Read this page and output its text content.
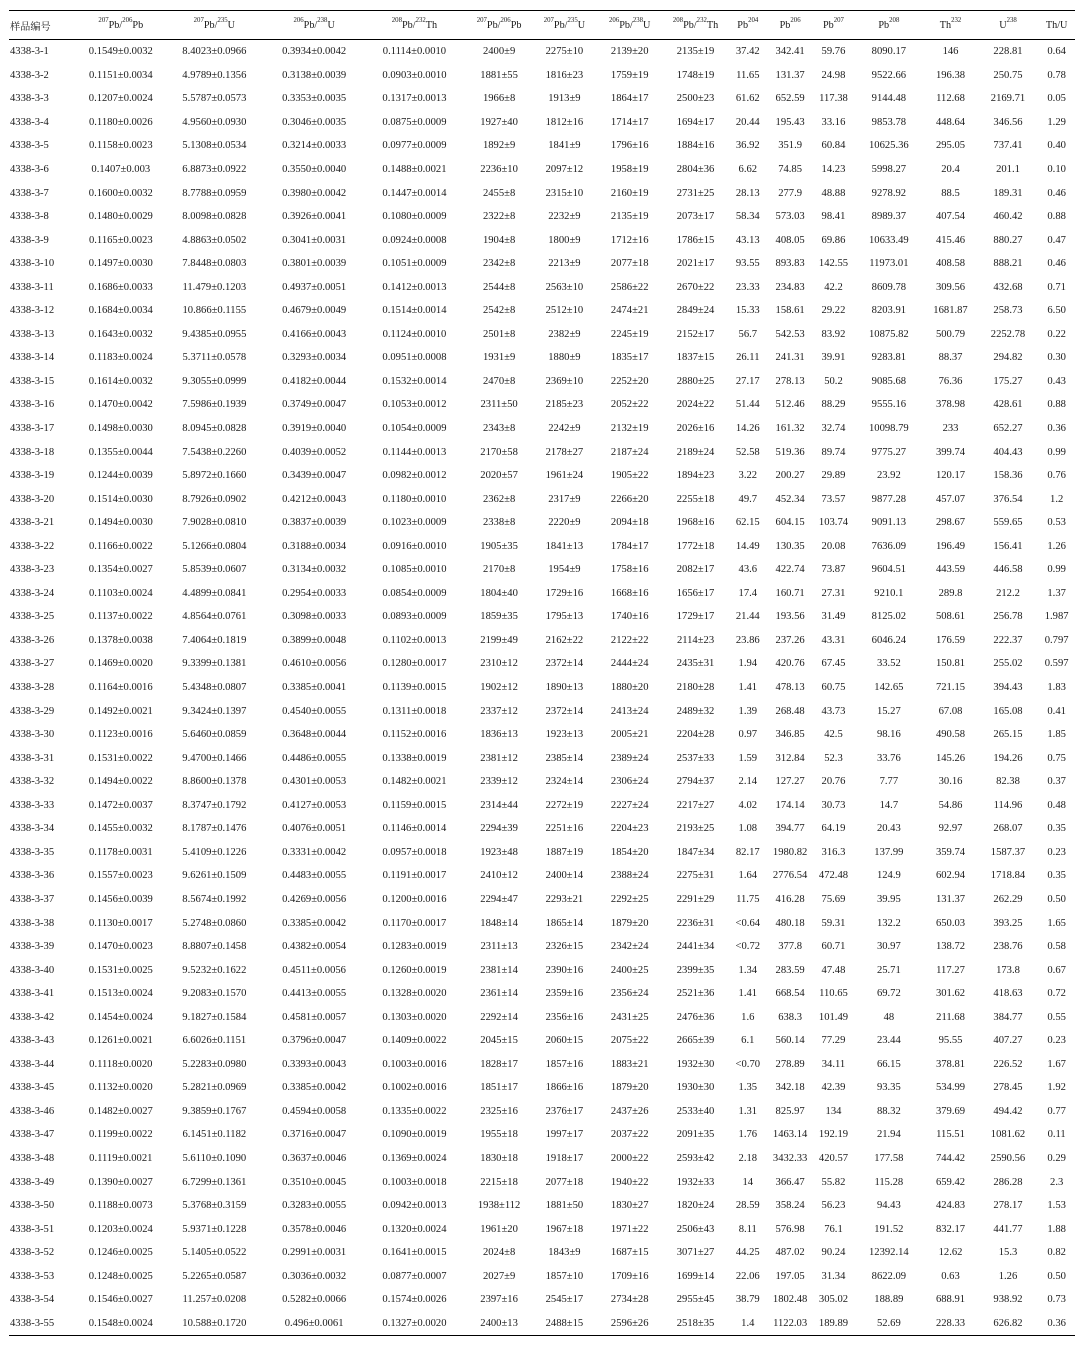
样品编号	$^{207}$Pb/$^{206}$Pb	$^{207}$Pb/$^{235}$U	$^{206}$Pb/$^{238}$U	$^{208}$Pb/$^{232}$Th	$^{207}$Pb/$^{206}$Pb	$^{207}$Pb/$^{235}$U	$^{206}$Pb/$^{238}$U	$^{208}$Pb/$^{232}$Th	Pb$^{204}$	Pb$^{206}$	Pb$^{207}$	Pb$^{208}$	Th$^{232}$	$U^{238}$	Th/U
4338-3-1	0.1549±0.0032	8.4023±0.0966	0.3934±0.0042	0.1114±0.0010	2400±9	2275±10	2139±20	2135±19	37.42	342.41	59.76	8090.17	146	228.81	0.64
4338-3-2	0.1151±0.0034	4.9789±0.1356	0.3138±0.0039	0.0903±0.0010	1881±55	1816±23	1759±19	1748±19	11.65	131.37	24.98	9522.66	196.38	250.75	0.78
4338-3-3	0.1207±0.0024	5.5787±0.0573	0.3353±0.0035	0.1317±0.0013	1966±8	1913±9	1864±17	2500±23	61.62	652.59	117.38	9144.48	112.68	2169.71	0.05
4338-3-4	0.1180±0.0026	4.9560±0.0930	0.3046±0.0035	0.0875±0.0009	1927±40	1812±16	1714±17	1694±17	20.44	195.43	33.16	9853.78	448.64	346.56	1.29
4338-3-5	0.1158±0.0023	5.1308±0.0534	0.3214±0.0033	0.0977±0.0009	1892±9	1841±9	1796±16	1884±16	36.92	351.9	60.84	10625.36	295.05	737.41	0.40
4338-3-6	0.1407±0.003	6.8873±0.0922	0.3550±0.0040	0.1488±0.0021	2236±10	2097±12	1958±19	2804±36	6.62	74.85	14.23	5998.27	20.4	201.1	0.10
4338-3-7	0.1600±0.0032	8.7788±0.0959	0.3980±0.0042	0.1447±0.0014	2455±8	2315±10	2160±19	2731±25	28.13	277.9	48.88	9278.92	88.5	189.31	0.46
4338-3-8	0.1480±0.0029	8.0098±0.0828	0.3926±0.0041	0.1080±0.0009	2322±8	2232±9	2135±19	2073±17	58.34	573.03	98.41	8989.37	407.54	460.42	0.88
4338-3-9	0.1165±0.0023	4.8863±0.0502	0.3041±0.0031	0.0924±0.0008	1904±8	1800±9	1712±16	1786±15	43.13	408.05	69.86	10633.49	415.46	880.27	0.47
4338-3-10	0.1497±0.0030	7.8448±0.0803	0.3801±0.0039	0.1051±0.0009	2342±8	2213±9	2077±18	2021±17	93.55	893.83	142.55	11973.01	408.58	888.21	0.46
4338-3-11	0.1686±0.0033	11.479±0.1203	0.4937±0.0051	0.1412±0.0013	2544±8	2563±10	2586±22	2670±22	23.33	234.83	42.2	8609.78	309.56	432.68	0.71
4338-3-12	0.1684±0.0034	10.866±0.1155	0.4679±0.0049	0.1514±0.0014	2542±8	2512±10	2474±21	2849±24	15.33	158.61	29.22	8203.91	1681.87	258.73	6.50
4338-3-13	0.1643±0.0032	9.4385±0.0955	0.4166±0.0043	0.1124±0.0010	2501±8	2382±9	2245±19	2152±17	56.7	542.53	83.92	10875.82	500.79	2252.78	0.22
4338-3-14	0.1183±0.0024	5.3711±0.0578	0.3293±0.0034	0.0951±0.0008	1931±9	1880±9	1835±17	1837±15	26.11	241.31	39.91	9283.81	88.37	294.82	0.30
4338-3-15	0.1614±0.0032	9.3055±0.0999	0.4182±0.0044	0.1532±0.0014	2470±8	2369±10	2252±20	2880±25	27.17	278.13	50.2	9085.68	76.36	175.27	0.43
4338-3-16	0.1470±0.0042	7.5986±0.1939	0.3749±0.0047	0.1053±0.0012	2311±50	2185±23	2052±22	2024±22	51.44	512.46	88.29	9555.16	378.98	428.61	0.88
4338-3-17	0.1498±0.0030	8.0945±0.0828	0.3919±0.0040	0.1054±0.0009	2343±8	2242±9	2132±19	2026±16	14.26	161.32	32.74	10098.79	233	652.27	0.36
4338-3-18	0.1355±0.0044	7.5438±0.2260	0.4039±0.0052	0.1144±0.0013	2170±58	2178±27	2187±24	2189±24	52.58	519.36	89.74	9775.27	399.74	404.43	0.99
4338-3-19	0.1244±0.0039	5.8972±0.1660	0.3439±0.0047	0.0982±0.0012	2020±57	1961±24	1905±22	1894±23	3.22	200.27	29.89	23.92	120.17	158.36	0.76
4338-3-20	0.1514±0.0030	8.7926±0.0902	0.4212±0.0043	0.1180±0.0010	2362±8	2317±9	2266±20	2255±18	49.7	452.34	73.57	9877.28	457.07	376.54	1.2
4338-3-21	0.1494±0.0030	7.9028±0.0810	0.3837±0.0039	0.1023±0.0009	2338±8	2220±9	2094±18	1968±16	62.15	604.15	103.74	9091.13	298.67	559.65	0.53
4338-3-22	0.1166±0.0022	5.1266±0.0804	0.3188±0.0034	0.0916±0.0010	1905±35	1841±13	1784±17	1772±18	14.49	130.35	20.08	7636.09	196.49	156.41	1.26
4338-3-23	0.1354±0.0027	5.8539±0.0607	0.3134±0.0032	0.1085±0.0010	2170±8	1954±9	1758±16	2082±17	43.6	422.74	73.87	9604.51	443.59	446.58	0.99
4338-3-24	0.1103±0.0024	4.4899±0.0841	0.2954±0.0033	0.0854±0.0009	1804±40	1729±16	1668±16	1656±17	17.4	160.71	27.31	9210.1	289.8	212.2	1.37
4338-3-25	0.1137±0.0022	4.8564±0.0761	0.3098±0.0033	0.0893±0.0009	1859±35	1795±13	1740±16	1729±17	21.44	193.56	31.49	8125.02	508.61	256.78	1.987
4338-3-26	0.1378±0.0038	7.4064±0.1819	0.3899±0.0048	0.1102±0.0013	2199±49	2162±22	2122±22	2114±23	23.86	237.26	43.31	6046.24	176.59	222.37	0.797
4338-3-27	0.1469±0.0020	9.3399±0.1381	0.4610±0.0056	0.1280±0.0017	2310±12	2372±14	2444±24	2435±31	1.94	420.76	67.45	33.52	150.81	255.02	0.597
4338-3-28	0.1164±0.0016	5.4348±0.0807	0.3385±0.0041	0.1139±0.0015	1902±12	1890±13	1880±20	2180±28	1.41	478.13	60.75	142.65	721.15	394.43	1.83
4338-3-29	0.1492±0.0021	9.3424±0.1397	0.4540±0.0055	0.1311±0.0018	2337±12	2372±14	2413±24	2489±32	1.39	268.48	43.73	15.27	67.08	165.08	0.41
4338-3-30	0.1123±0.0016	5.6460±0.0859	0.3648±0.0044	0.1152±0.0016	1836±13	1923±13	2005±21	2204±28	0.97	346.85	42.5	98.16	490.58	265.15	1.85
4338-3-31	0.1531±0.0022	9.4700±0.1466	0.4486±0.0055	0.1338±0.0019	2381±12	2385±14	2389±24	2537±33	1.59	312.84	52.3	33.76	145.26	194.26	0.75
4338-3-32	0.1494±0.0022	8.8600±0.1378	0.4301±0.0053	0.1482±0.0021	2339±12	2324±14	2306±24	2794±37	2.14	127.27	20.76	7.77	30.16	82.38	0.37
4338-3-33	0.1472±0.0037	8.3747±0.1792	0.4127±0.0053	0.1159±0.0015	2314±44	2272±19	2227±24	2217±27	4.02	174.14	30.73	14.7	54.86	114.96	0.48
4338-3-34	0.1455±0.0032	8.1787±0.1476	0.4076±0.0051	0.1146±0.0014	2294±39	2251±16	2204±23	2193±25	1.08	394.77	64.19	20.43	92.97	268.07	0.35
4338-3-35	0.1178±0.0031	5.4109±0.1226	0.3331±0.0042	0.0957±0.0018	1923±48	1887±19	1854±20	1847±34	82.17	1980.82	316.3	137.99	359.74	1587.37	0.23
4338-3-36	0.1557±0.0023	9.6261±0.1509	0.4483±0.0055	0.1191±0.0017	2410±12	2400±14	2388±24	2275±31	1.64	2776.54	472.48	124.9	602.94	1718.84	0.35
4338-3-37	0.1456±0.0039	8.5674±0.1992	0.4269±0.0056	0.1200±0.0016	2294±47	2293±21	2292±25	2291±29	11.75	416.28	75.69	39.95	131.37	262.29	0.50
4338-3-38	0.1130±0.0017	5.2748±0.0860	0.3385±0.0042	0.1170±0.0017	1848±14	1865±14	1879±20	2236±31	<0.64	480.18	59.31	132.2	650.03	393.25	1.65
4338-3-39	0.1470±0.0023	8.8807±0.1458	0.4382±0.0054	0.1283±0.0019	2311±13	2326±15	2342±24	2441±34	<0.72	377.8	60.71	30.97	138.72	238.76	0.58
4338-3-40	0.1531±0.0025	9.5232±0.1622	0.4511±0.0056	0.1260±0.0019	2381±14	2390±16	2400±25	2399±35	1.34	283.59	47.48	25.71	117.27	173.8	0.67
4338-3-41	0.1513±0.0024	9.2083±0.1570	0.4413±0.0055	0.1328±0.0020	2361±14	2359±16	2356±24	2521±36	1.41	668.54	110.65	69.72	301.62	418.63	0.72
4338-3-42	0.1454±0.0024	9.1827±0.1584	0.4581±0.0057	0.1303±0.0020	2292±14	2356±16	2431±25	2476±36	1.6	638.3	101.49	48	211.68	384.77	0.55
4338-3-43	0.1261±0.0021	6.6026±0.1151	0.3796±0.0047	0.1409±0.0022	2045±15	2060±15	2075±22	2665±39	6.1	560.14	77.29	23.44	95.55	407.27	0.23
4338-3-44	0.1118±0.0020	5.2283±0.0980	0.3393±0.0043	0.1003±0.0016	1828±17	1857±16	1883±21	1932±30	<0.70	278.89	34.11	66.15	378.81	226.52	1.67
4338-3-45	0.1132±0.0020	5.2821±0.0969	0.3385±0.0042	0.1002±0.0016	1851±17	1866±16	1879±20	1930±30	1.35	342.18	42.39	93.35	534.99	278.45	1.92
4338-3-46	0.1482±0.0027	9.3859±0.1767	0.4594±0.0058	0.1335±0.0022	2325±16	2376±17	2437±26	2533±40	1.31	825.97	134	88.32	379.69	494.42	0.77
4338-3-47	0.1199±0.0022	6.1451±0.1182	0.3716±0.0047	0.1090±0.0019	1955±18	1997±17	2037±22	2091±35	1.76	1463.14	192.19	21.94	115.51	1081.62	0.11
4338-3-48	0.1119±0.0021	5.6110±0.1090	0.3637±0.0046	0.1369±0.0024	1830±18	1918±17	2000±22	2593±42	2.18	3432.33	420.57	177.58	744.42	2590.56	0.29
4338-3-49	0.1390±0.0027	6.7299±0.1361	0.3510±0.0045	0.1003±0.0018	2215±18	2077±18	1940±22	1932±33	14	366.47	55.82	115.28	659.42	286.28	2.3
4338-3-50	0.1188±0.0073	5.3768±0.3159	0.3283±0.0055	0.0942±0.0013	1938±112	1881±50	1830±27	1820±24	28.59	358.24	56.23	94.43	424.83	278.17	1.53
4338-3-51	0.1203±0.0024	5.9371±0.1228	0.3578±0.0046	0.1320±0.0024	1961±20	1967±18	1971±22	2506±43	8.11	576.98	76.1	191.52	832.17	441.77	1.88
4338-3-52	0.1246±0.0025	5.1405±0.0522	0.2991±0.0031	0.1641±0.0015	2024±8	1843±9	1687±15	3071±27	44.25	487.02	90.24	12392.14	12.62	15.3	0.82
4338-3-53	0.1248±0.0025	5.2265±0.0587	0.3036±0.0032	0.0877±0.0007	2027±9	1857±10	1709±16	1699±14	22.06	197.05	31.34	8622.09	0.63	1.26	0.50
4338-3-54	0.1546±0.0027	11.257±0.0208	0.5282±0.0066	0.1574±0.0026	2397±16	2545±17	2734±28	2955±45	38.79	1802.48	305.02	188.89	688.91	938.92	0.73
4338-3-55	0.1548±0.0024	10.588±0.1720	0.496±0.0061	0.1327±0.0020	2400±13	2488±15	2596±26	2518±35	1.4	1122.03	189.89	52.69	228.33	626.82	0.36
